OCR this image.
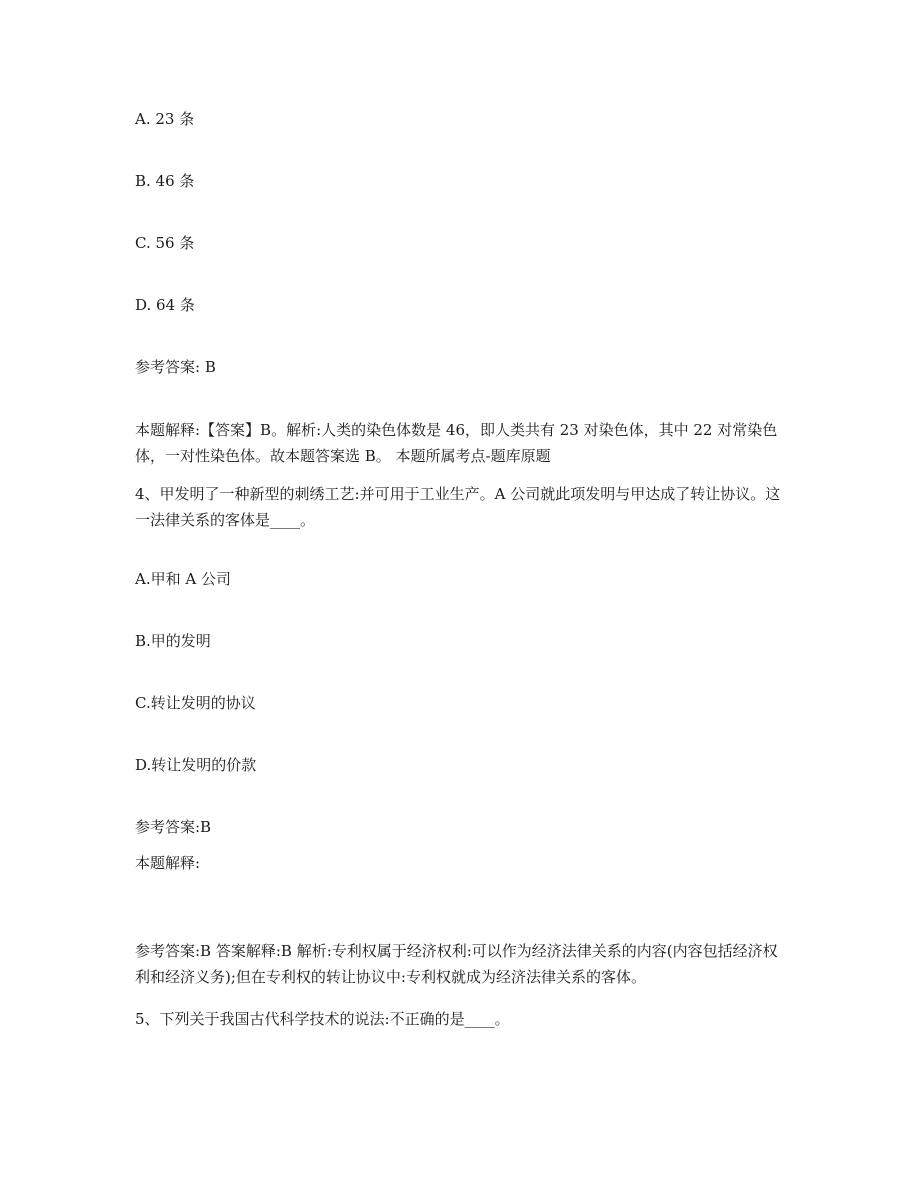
A. 23 条
B. 46 条
C. 56 条
D. 64 条
参考答案: B
本题解释:【答案】B。解析:人类的染色体数是 46，即人类共有 23 对染色体，其中 22 对常染色体，一对性染色体。故本题答案选 B。 本题所属考点-题库原题
4、甲发明了一种新型的刺绣工艺:并可用于工业生产。A 公司就此项发明与甲达成了转让协议。这一法律关系的客体是____。
A.甲和 A 公司
B.甲的发明
C.转让发明的协议
D.转让发明的价款
参考答案:B
本题解释:
参考答案:B 答案解释:B 解析:专利权属于经济权利:可以作为经济法律关系的内容(内容包括经济权利和经济义务);但在专利权的转让协议中:专利权就成为经济法律关系的客体。
5、下列关于我国古代科学技术的说法:不正确的是____。
